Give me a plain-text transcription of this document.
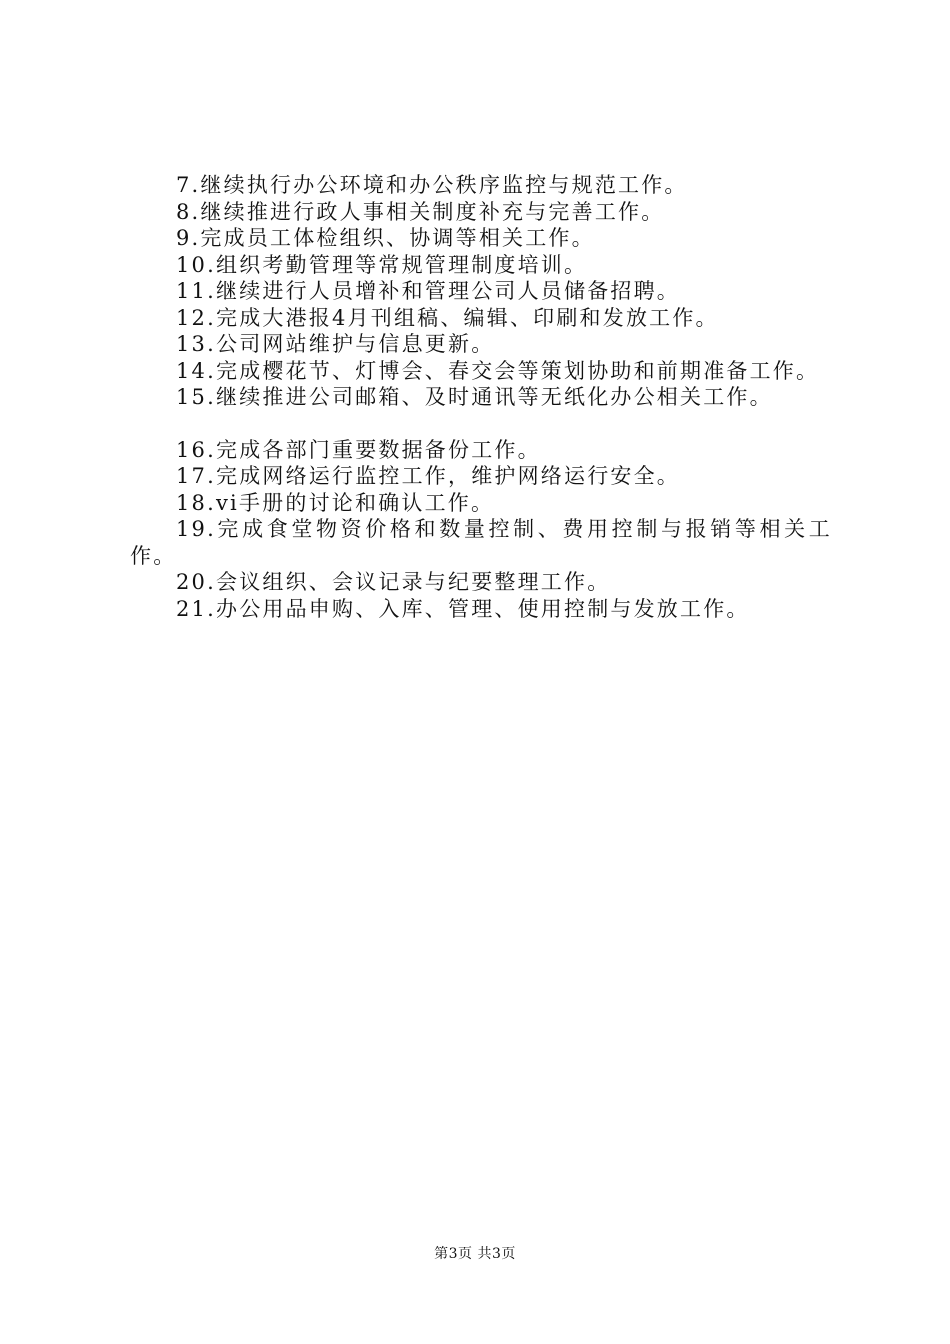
7.继续执行办公环境和办公秩序监控与规范工作。

8.继续推进行政人事相关制度补充与完善工作。

9.完成员工体检组织、协调等相关工作。

10.组织考勤管理等常规管理制度培训。

11.继续进行人员增补和管理公司人员储备招聘。

12.完成大港报4月刊组稿、编辑、印刷和发放工作。

13.公司网站维护与信息更新。

14.完成樱花节、灯博会、春交会等策划协助和前期准备工作。

15.继续推进公司邮箱、及时通讯等无纸化办公相关工作。

16.完成各部门重要数据备份工作。

17.完成网络运行监控工作，维护网络运行安全。

18.vi手册的讨论和确认工作。

19.完成食堂物资价格和数量控制、费用控制与报销等相关工作。

20.会议组织、会议记录与纪要整理工作。

21.办公用品申购、入库、管理、使用控制与发放工作。

第3页 共3页
